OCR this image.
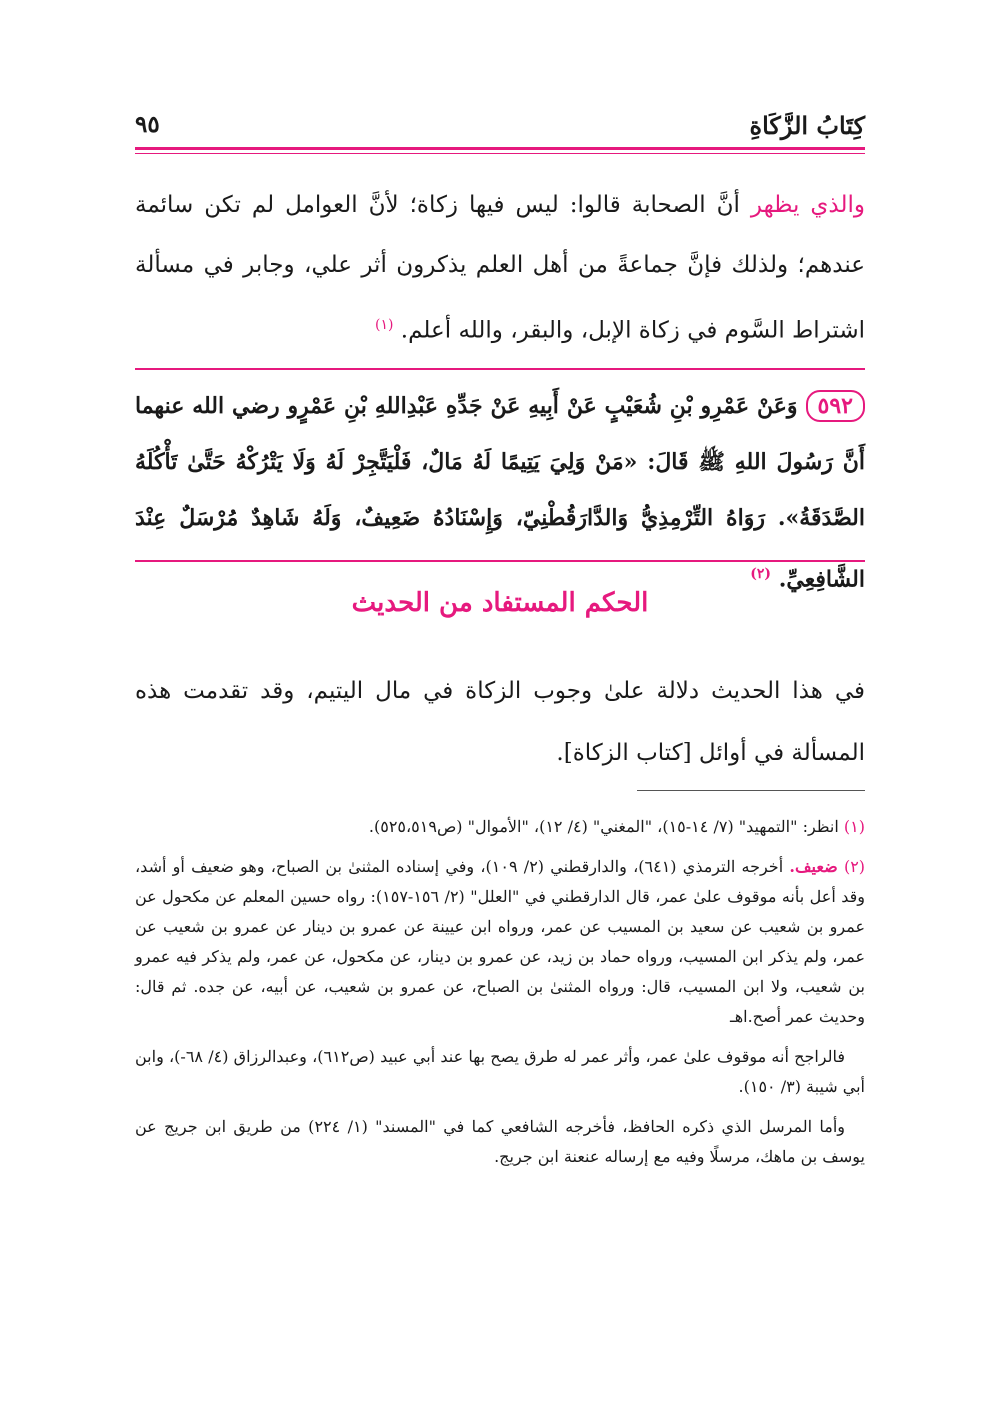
كِتَابُ الزَّكَاةِ
٩٥
والذي يظهر أنَّ الصحابة قالوا: ليس فيها زكاة؛ لأنَّ العوامل لم تكن سائمة عندهم؛ ولذلك فإنَّ جماعةً من أهل العلم يذكرون أثر علي، وجابر في مسألة اشتراط السَّوم في زكاة الإبل، والبقر، والله أعلم. $^{(١)}$
٥٩٢وَعَنْ عَمْرِو بْنِ شُعَيْبٍ عَنْ أَبِيهِ عَنْ جَدِّهِ عَبْدِاللهِ بْنِ عَمْرٍو رضي الله عنهما أَنَّ رَسُولَ اللهِ ﷺ قَالَ: «مَنْ وَلِيَ يَتِيمًا لَهُ مَالٌ، فَلْيَتَّجِرْ لَهُ وَلَا يَتْرُكْهُ حَتَّىٰ تَأْكُلَهُ الصَّدَقَةُ». رَوَاهُ التِّرْمِذِيُّ وَالدَّارَقُطْنِيّ، وَإِسْنَادُهُ ضَعِيفٌ، وَلَهُ شَاهِدٌ مُرْسَلٌ عِنْدَ الشَّافِعِيِّ. $^{(٢)}$
الحكم المستفاد من الحديث
في هذا الحديث دلالة علىٰ وجوب الزكاة في مال اليتيم، وقد تقدمت هذه المسألة في أوائل [كتاب الزكاة].
(١) انظر: "التمهيد" (٧/ ١٤-١٥)، "المغني" (٤/ ١٢)، "الأموال" (ص٥٢٥،٥١٩).
(٢) ضعيف. أخرجه الترمذي (٦٤١)، والدارقطني (٢/ ١٠٩)، وفي إسناده المثنىٰ بن الصباح، وهو ضعيف أو أشد، وقد أعل بأنه موقوف علىٰ عمر، قال الدارقطني في "العلل" (٢/ ١٥٦-١٥٧): رواه حسين المعلم عن مكحول عن عمرو بن شعيب عن سعيد بن المسيب عن عمر، ورواه ابن عيينة عن عمرو بن دينار عن عمرو بن شعيب عن عمر، ولم يذكر ابن المسيب، ورواه حماد بن زيد، عن عمرو بن دينار، عن مكحول، عن عمر، ولم يذكر فيه عمرو بن شعيب، ولا ابن المسيب، قال: ورواه المثنىٰ بن الصباح، عن عمرو بن شعيب، عن أبيه، عن جده. ثم قال: وحديث عمر أصح.اهـ
فالراجح أنه موقوف علىٰ عمر، وأثر عمر له طرق يصح بها عند أبي عبيد (ص٦١٢)، وعبدالرزاق (٤/ ٦٨-)، وابن أبي شيبة (٣/ ١٥٠).
وأما المرسل الذي ذكره الحافظ، فأخرجه الشافعي كما في "المسند" (١/ ٢٢٤) من طريق ابن جريج عن يوسف بن ماهك، مرسلًا وفيه مع إرساله عنعنة ابن جريج.
